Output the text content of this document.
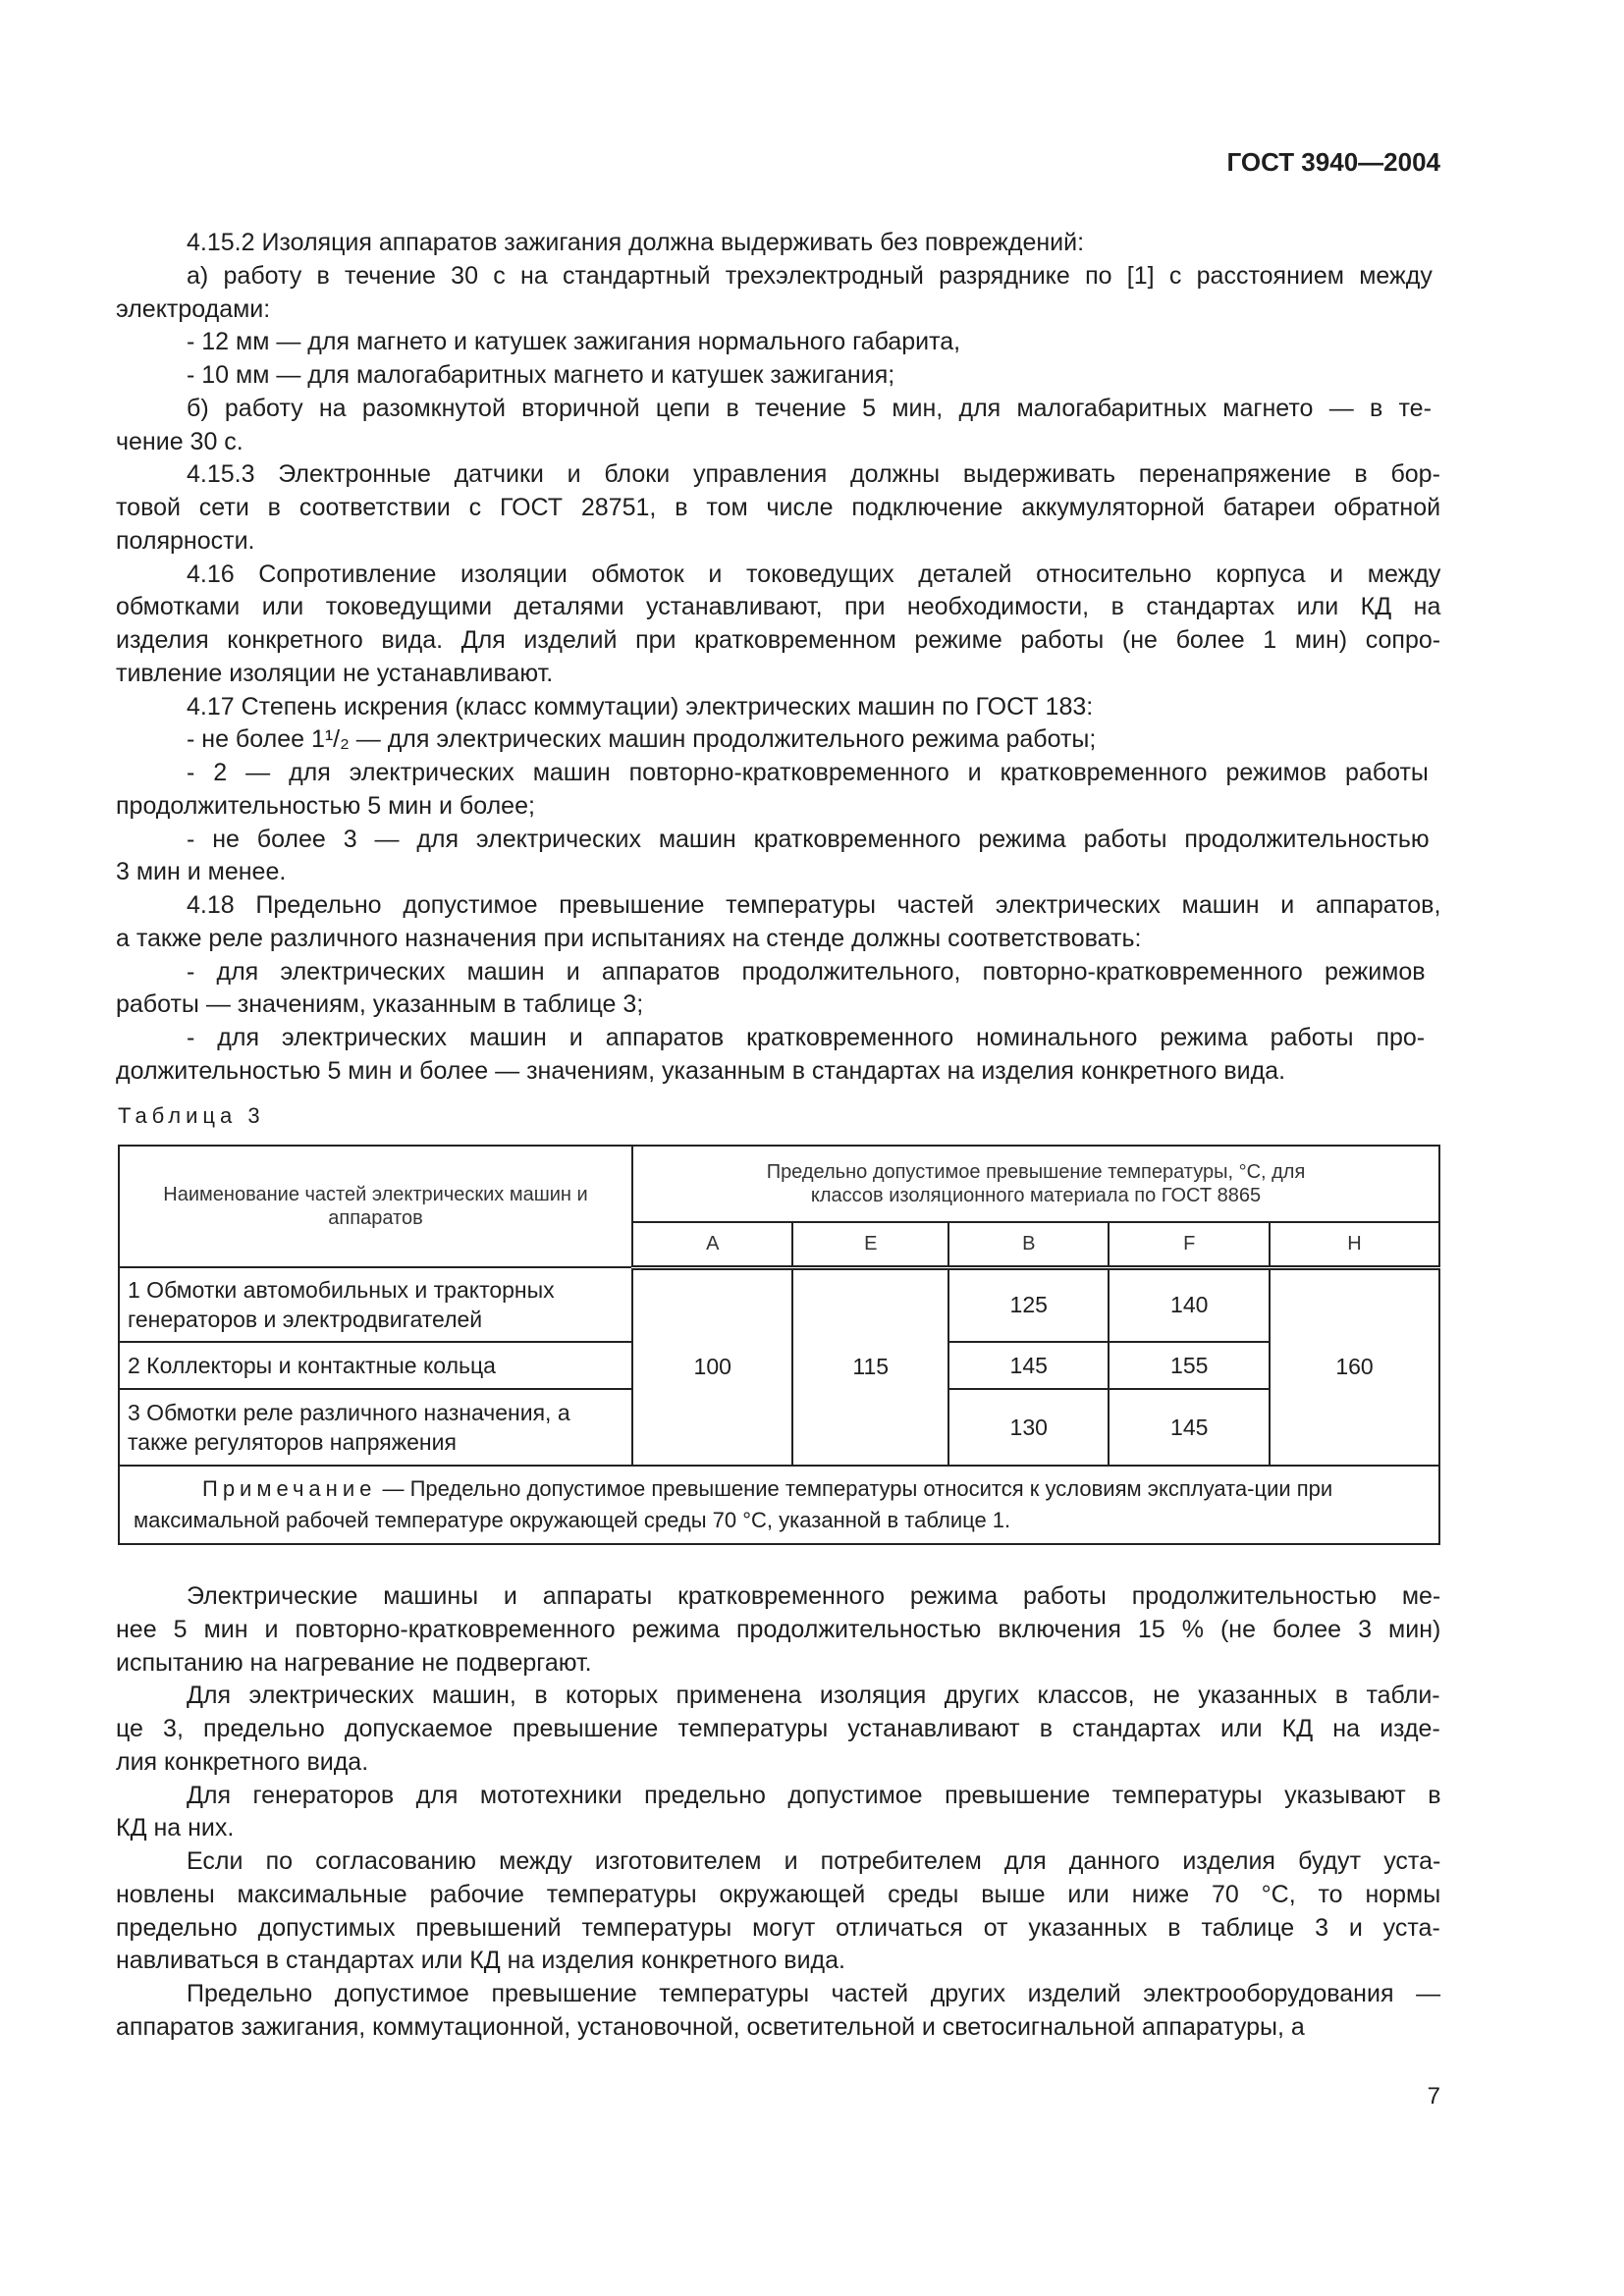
ГОСТ 3940—2004
4.15.2 Изоляция аппаратов зажигания должна выдерживать без повреждений:
а) работу в течение 30 с на стандартный трехэлектродный разряднике по [1] с расстоянием между
электродами:
- 12 мм — для магнето и катушек зажигания нормального габарита,
- 10 мм — для малогабаритных магнето и катушек зажигания;
б) работу на разомкнутой вторичной цепи в течение 5 мин, для малогабаритных магнето — в те-
чение 30 с.
4.15.3 Электронные датчики и блоки управления должны выдерживать перенапряжение в бор-
товой сети в соответствии с ГОСТ 28751, в том числе подключение аккумуляторной батареи обратной
полярности.
4.16 Сопротивление изоляции обмоток и токоведущих деталей относительно корпуса и между
обмотками или токоведущими деталями устанавливают, при необходимости, в стандартах или КД на
изделия конкретного вида. Для изделий при кратковременном режиме работы (не более 1 мин) сопро-
тивление изоляции не устанавливают.
4.17 Степень искрения (класс коммутации) электрических машин по ГОСТ 183:
- не более 1¹/₂ — для электрических машин продолжительного режима работы;
- 2 — для электрических машин повторно-кратковременного и кратковременного режимов работы
продолжительностью 5 мин и более;
- не более 3 — для электрических машин кратковременного режима работы продолжительностью
3 мин и менее.
4.18 Предельно допустимое превышение температуры частей электрических машин и аппаратов,
а также реле различного назначения при испытаниях на стенде должны соответствовать:
- для электрических машин и аппаратов продолжительного, повторно-кратковременного режимов
работы — значениям, указанным в таблице 3;
- для электрических машин и аппаратов кратковременного номинального режима работы про-
должительностью 5 мин и более — значениям, указанным в стандартах на изделия конкретного вида.
Таблица 3
Наименование частей электрических машин и аппаратов	Предельно допустимое превышение температуры, °С, для классов изоляционного материала по ГОСТ 8865				
	А	Е	В	F	Н
1 Обмотки автомобильных и тракторных генераторов и электродвигателей	100	115	125	140	160
2 Коллекторы и контактные кольца			145	155	
3 Обмотки реле различного назначения, а также регуляторов напряжения			130	145	
Примечание — Предельно допустимое превышение температуры относится к условиям эксплуата-ции при максимальной рабочей температуре окружающей среды 70 °С, указанной в таблице 1.					
Электрические машины и аппараты кратковременного режима работы продолжительностью ме-
нее 5 мин и повторно-кратковременного режима продолжительностью включения 15 % (не более 3 мин)
испытанию на нагревание не подвергают.
Для электрических машин, в которых применена изоляция других классов, не указанных в табли-
це 3, предельно допускаемое превышение температуры устанавливают в стандартах или КД на изде-
лия конкретного вида.
Для генераторов для мототехники предельно допустимое превышение температуры указывают в
КД на них.
Если по согласованию между изготовителем и потребителем для данного изделия будут уста-
новлены максимальные рабочие температуры окружающей среды выше или ниже 70 °С, то нормы
предельно допустимых превышений температуры могут отличаться от указанных в таблице 3 и уста-
навливаться в стандартах или КД на изделия конкретного вида.
Предельно допустимое превышение температуры частей других изделий электрооборудования —
аппаратов зажигания, коммутационной, установочной, осветительной и светосигнальной аппаратуры, а
7
